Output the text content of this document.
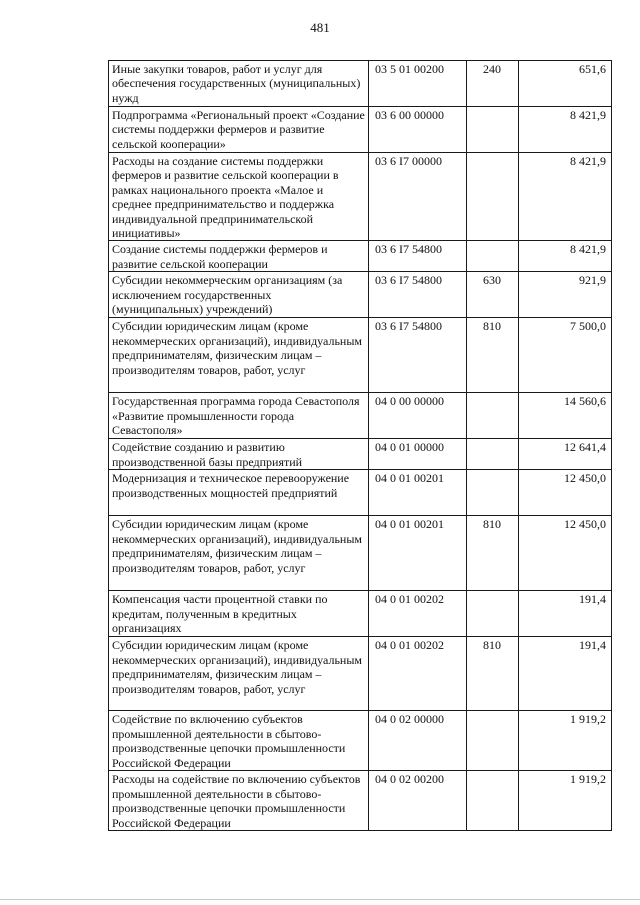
481
Иные закупки товаров, работ и услуг для обеспечения государственных (муниципальных) нужд	03 5 01 00200	240	651,6
Подпрограмма «Региональный проект «Создание системы поддержки фермеров и развитие сельской кооперации»	03 6 00 00000		8 421,9
Расходы на создание системы поддержки фермеров и развитие сельской кооперации в рамках национального проекта «Малое и среднее предпринимательство и поддержка индивидуальной предпринимательской инициативы»	03 6 I7 00000		8 421,9
Создание системы поддержки фермеров и развитие сельской кооперации	03 6 I7 54800		8 421,9
Субсидии некоммерческим организациям (за исключением государственных (муниципальных) учреждений)	03 6 I7 54800	630	921,9
Субсидии юридическим лицам (кроме некоммерческих организаций), индивидуальным предпринимателям, физическим лицам – производителям товаров, работ, услуг	03 6 I7 54800	810	7 500,0
Государственная программа города Севастополя «Развитие промышленности города Севастополя»	04 0 00 00000		14 560,6
Содействие созданию и развитию производственной базы предприятий	04 0 01 00000		12 641,4
Модернизация и техническое перевооружение производственных мощностей предприятий	04 0 01 00201		12 450,0
Субсидии юридическим лицам (кроме некоммерческих организаций), индивидуальным предпринимателям, физическим лицам – производителям товаров, работ, услуг	04 0 01 00201	810	12 450,0
Компенсация части процентной ставки по кредитам, полученным в кредитных организациях	04 0 01 00202		191,4
Субсидии юридическим лицам (кроме некоммерческих организаций), индивидуальным предпринимателям, физическим лицам – производителям товаров, работ, услуг	04 0 01 00202	810	191,4
Содействие по включению субъектов промышленной деятельности в сбытово-производственные цепочки промышленности Российской Федерации	04 0 02 00000		1 919,2
Расходы на содействие по включению субъектов промышленной деятельности в сбытово-производственные цепочки промышленности Российской Федерации	04 0 02 00200		1 919,2
